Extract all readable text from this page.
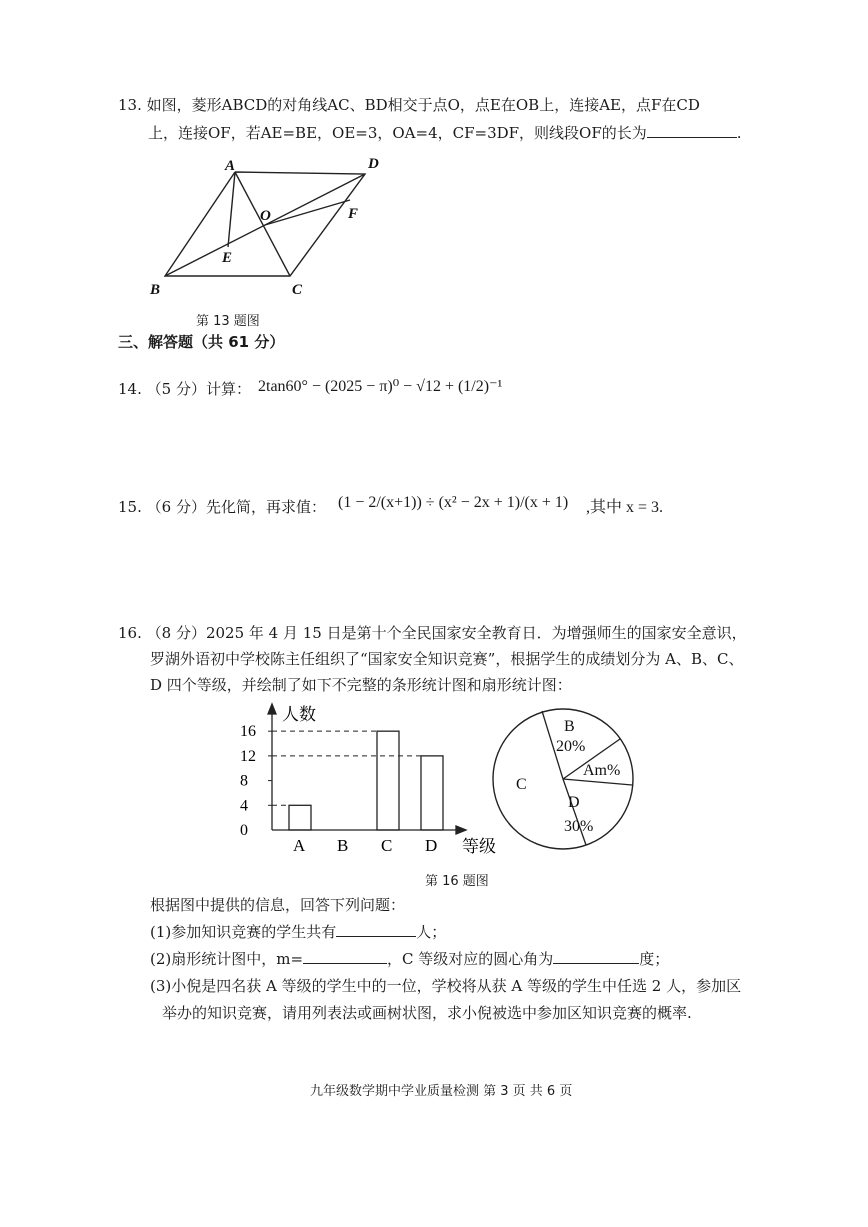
13. 如图，菱形ABCD的对角线AC、BD相交于点O，点E在OB上，连接AE，点F在CD
上，连接OF，若AE=BE，OE=3，OA=4，CF=3DF，则线段OF的长为	.
A	D
O	F
E
B	C
第 13 题图
三、解答题（共 61 分）
14. （5 分）计算： 2tan60° − (2025 − π)⁰ − √12 + (1/2)⁻¹
15. （6 分）先化简，再求值： (1 − 2/(x+1)) ÷ (x² − 2x + 1)/(x + 1) ,其中 x = 3.
16. （8 分）2025 年 4 月 15 日是第十个全民国家安全教育日．为增强师生的国家安全意识，
罗湖外语初中学校陈主任组织了“国家安全知识竞赛”，根据学生的成绩划分为 A、B、C、
D 四个等级，并绘制了如下不完整的条形统计图和扇形统计图：
0
4
8
12
16
A B C D
人数
等级
B
20%
Am%
D
30%
C
第 16 题图
根据图中提供的信息，回答下列问题：
(1)参加知识竞赛的学生共有	人；
(2)扇形统计图中，m=	，C 等级对应的圆心角为	度；
(3)小倪是四名获 A 等级的学生中的一位，学校将从获 A 等级的学生中任选 2 人，参加区
举办的知识竞赛，请用列表法或画树状图，求小倪被选中参加区知识竞赛的概率.
九年级数学期中学业质量检测 第 3 页 共 6 页
